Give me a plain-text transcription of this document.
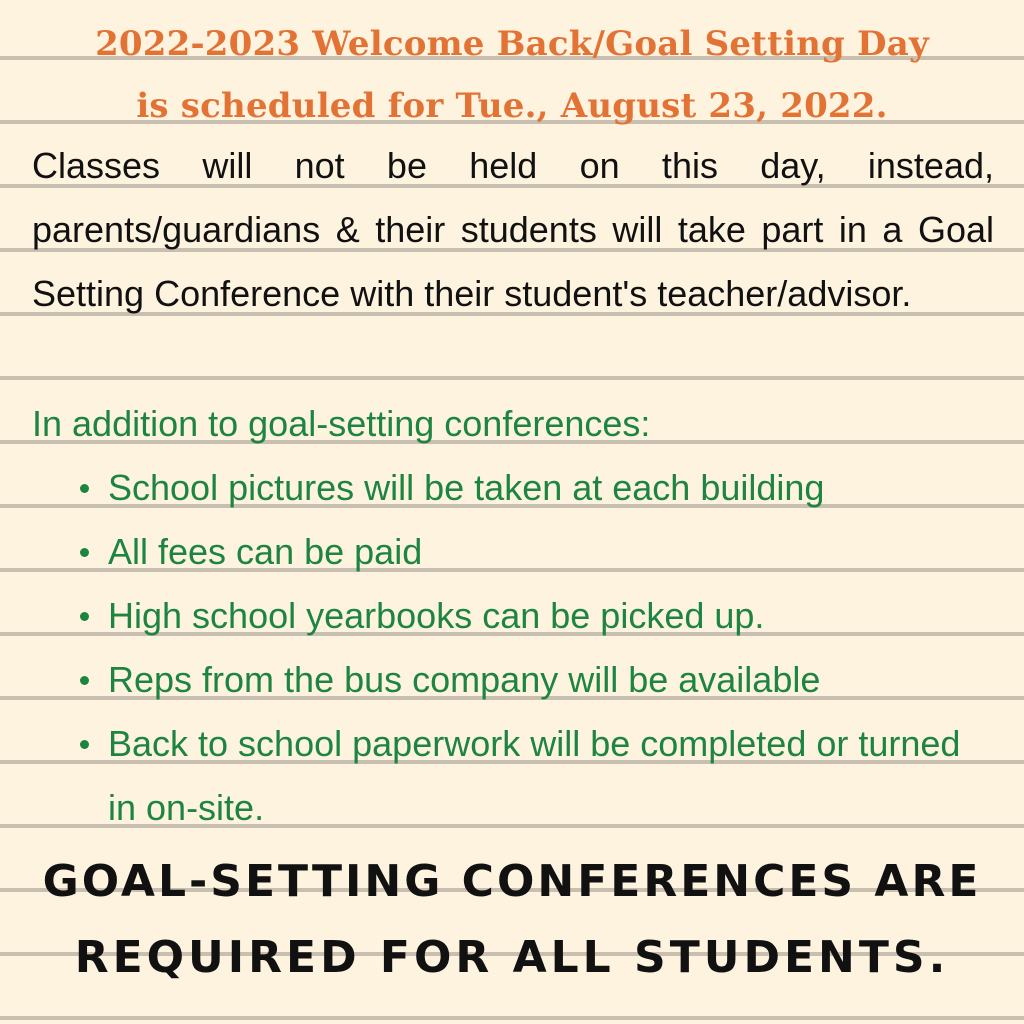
2022-2023 Welcome Back/Goal Setting Day
is scheduled for Tue., August 23, 2022.
Classes will not be held on this day, instead, parents/guardians & their students will take part in a Goal Setting Conference with their student's teacher/advisor.
In addition to goal-setting conferences:
School pictures will be taken at each building
All fees can be paid
High school yearbooks can be picked up.
Reps from the bus company will be available
Back to school paperwork will be completed or turned in on-site.
GOAL-SETTING CONFERENCES ARE
REQUIRED FOR ALL STUDENTS.
